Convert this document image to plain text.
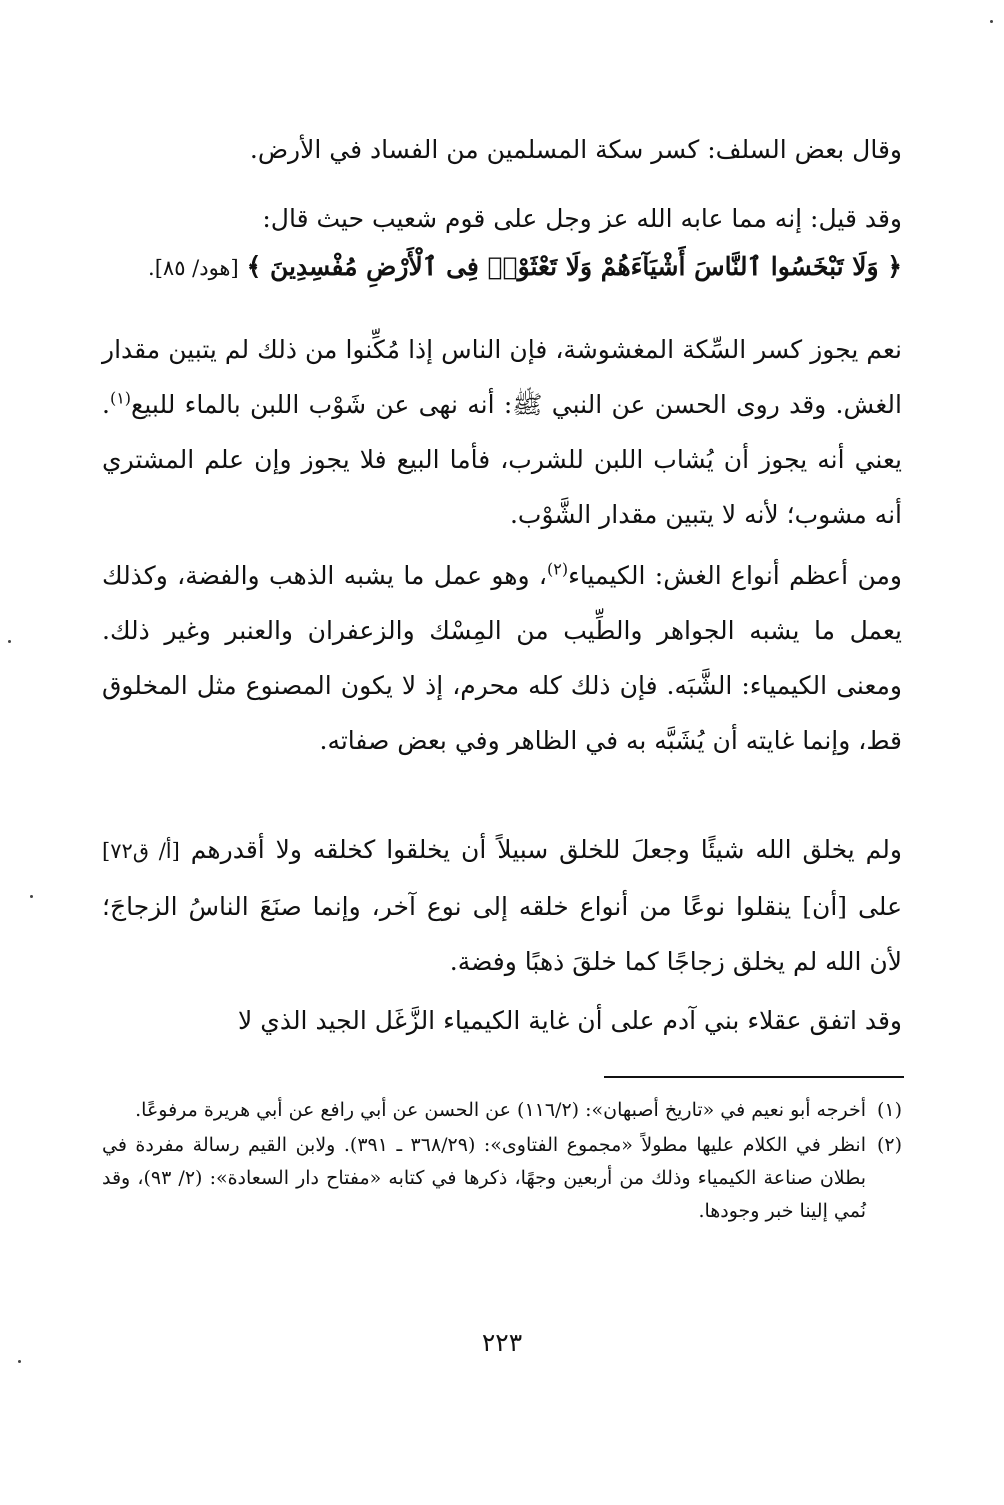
وقال بعض السلف: كسر سكة المسلمين من الفساد في الأرض.

وقد قيل: إنه مما عابه الله عز وجل على قوم شعيب حيث قال:
﴿ وَلَا تَبْخَسُوا ٱلنَّاسَ أَشْيَآءَهُمْ وَلَا تَعْثَوْا۟ فِى ٱلْأَرْضِ مُفْسِدِينَ ﴾ [هود/ ٨٥].

نعم يجوز كسر السِّكة المغشوشة، فإن الناس إذا مُكِّنوا من ذلك لم يتبين مقدار الغش. وقد روى الحسن عن النبي ﷺ: أنه نهى عن شَوْب اللبن بالماء للبيع$^{(١)}$. يعني أنه يجوز أن يُشاب اللبن للشرب، فأما البيع فلا يجوز وإن علم المشتري أنه مشوب؛ لأنه لا يتبين مقدار الشَّوْب.

ومن أعظم أنواع الغش: الكيمياء$^{(٢)}$، وهو عمل ما يشبه الذهب والفضة، وكذلك يعمل ما يشبه الجواهر والطِّيب من المِسْك والزعفران والعنبر وغير ذلك. ومعنى الكيمياء: الشَّبَه. فإن ذلك كله محرم، إذ لا يكون المصنوع مثل المخلوق قط، وإنما غايته أن يُشَبَّه به في الظاهر وفي بعض صفاته.

ولم يخلق الله شيئًا وجعلَ للخلق سبيلاً أن يخلقوا كخلقه ولا أقدرهم [أ/ ق٧٢] على [أن] ينقلوا نوعًا من أنواع خلقه إلى نوع آخر، وإنما صنَعَ الناسُ الزجاجَ؛ لأن الله لم يخلق زجاجًا كما خلقَ ذهبًا وفضة.

وقد اتفق عقلاء بني آدم على أن غاية الكيمياء الزَّغَل الجيد الذي لا

(١)
أخرجه أبو نعيم في «تاريخ أصبهان»: (١١٦/٢) عن الحسن عن أبي رافع عن أبي هريرة مرفوعًا.
(٢)
انظر في الكلام عليها مطولاً «مجموع الفتاوى»: (٣٦٨/٢٩ ـ ٣٩١). ولابن القيم رسالة مفردة في بطلان صناعة الكيمياء وذلك من أربعين وجهًا، ذكرها في كتابه «مفتاح دار السعادة»: (٢/ ٩٣)، وقد نُمي إلينا خبر وجودها.
٢٢٣
